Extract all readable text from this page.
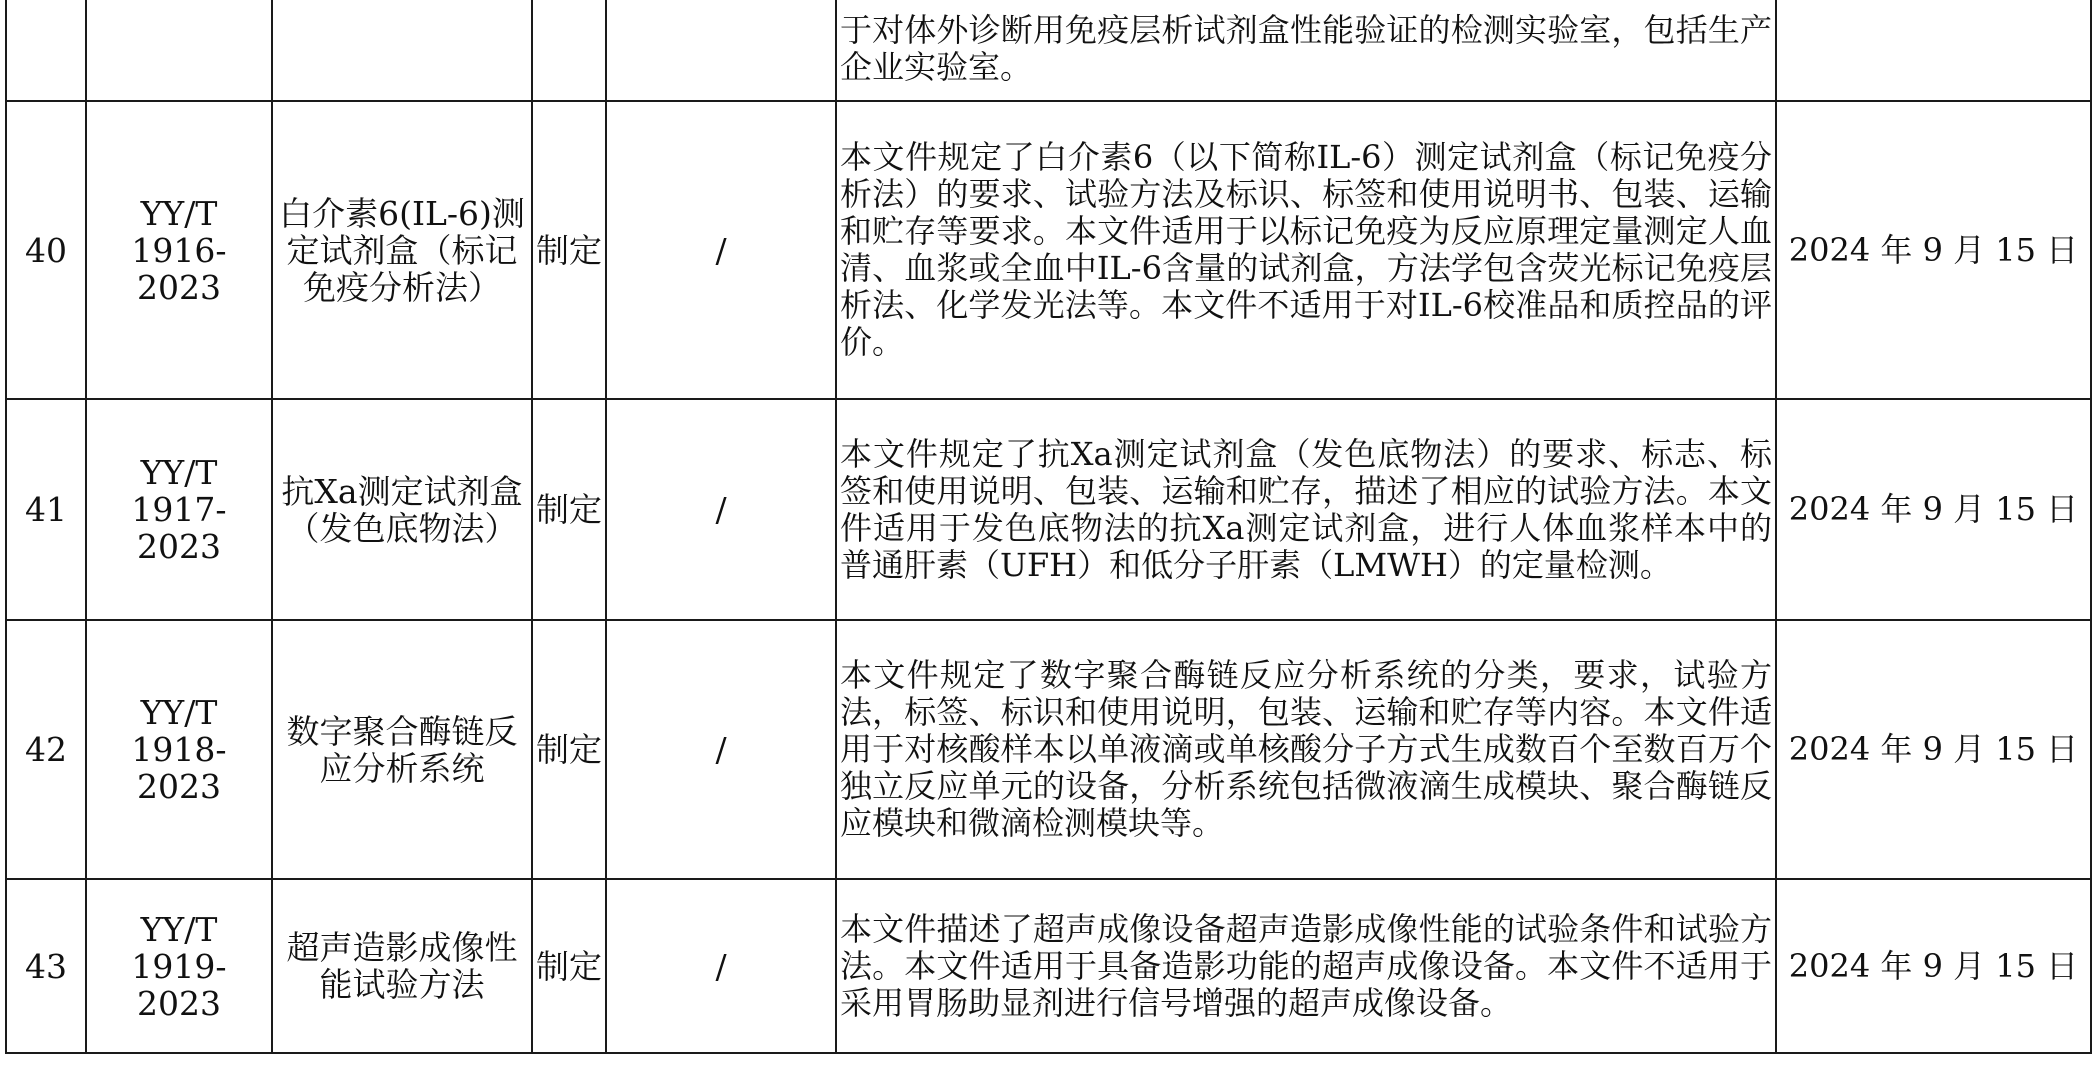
					于对体外诊断用免疫层析试剂盒性能验证的检测实验室，包括生产企业实验室。	
40	YY/T 1916-2023	白介素6(IL-6)测定试剂盒（标记免疫分析法）	制定	/	本文件规定了白介素6（以下简称IL-6）测定试剂盒（标记免疫分析法）的要求、试验方法及标识、标签和使用说明书、包装、运输和贮存等要求。本文件适用于以标记免疫为反应原理定量测定人血清、血浆或全血中IL-6含量的试剂盒，方法学包含荧光标记免疫层析法、化学发光法等。本文件不适用于对IL-6校准品和质控品的评价。	2024 年 9 月 15 日
41	YY/T 1917-2023	抗Xa测定试剂盒（发色底物法）	制定	/	本文件规定了抗Xa测定试剂盒（发色底物法）的要求、标志、标签和使用说明、包装、运输和贮存，描述了相应的试验方法。本文件适用于发色底物法的抗Xa测定试剂盒，进行人体血浆样本中的普通肝素（UFH）和低分子肝素（LMWH）的定量检测。	2024 年 9 月 15 日
42	YY/T 1918-2023	数字聚合酶链反应分析系统	制定	/	本文件规定了数字聚合酶链反应分析系统的分类，要求，试验方法，标签、标识和使用说明，包装、运输和贮存等内容。本文件适用于对核酸样本以单液滴或单核酸分子方式生成数百个至数百万个独立反应单元的设备，分析系统包括微液滴生成模块、聚合酶链反应模块和微滴检测模块等。	2024 年 9 月 15 日
43	YY/T 1919-2023	超声造影成像性能试验方法	制定	/	本文件描述了超声成像设备超声造影成像性能的试验条件和试验方法。本文件适用于具备造影功能的超声成像设备。本文件不适用于采用胃肠助显剂进行信号增强的超声成像设备。	2024 年 9 月 15 日
